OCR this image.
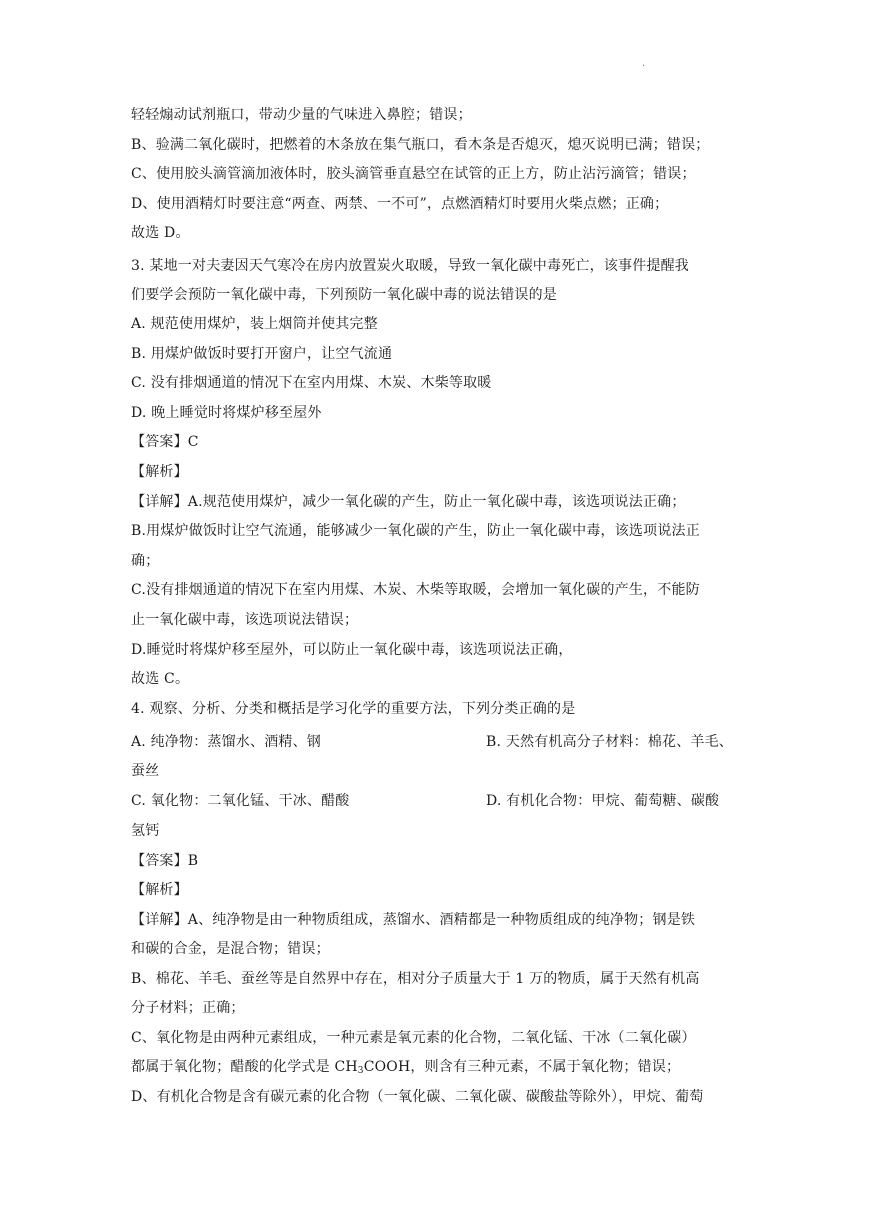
.
轻轻煽动试剂瓶口，带动少量的气味进入鼻腔；错误；
B、验满二氧化碳时，把燃着的木条放在集气瓶口，看木条是否熄灭，熄灭说明已满；错误；
C、使用胶头滴管滴加液体时，胶头滴管垂直悬空在试管的正上方，防止沾污滴管；错误；
D、使用酒精灯时要注意“两查、两禁、一不可”，点燃酒精灯时要用火柴点燃；正确；
故选 D。
3. 某地一对夫妻因天气寒冷在房内放置炭火取暖，导致一氧化碳中毒死亡，该事件提醒我
们要学会预防一氧化碳中毒，下列预防一氧化碳中毒的说法错误的是
A. 规范使用煤炉，装上烟筒并使其完整
B. 用煤炉做饭时要打开窗户，让空气流通
C. 没有排烟通道的情况下在室内用煤、木炭、木柴等取暖
D. 晚上睡觉时将煤炉移至屋外
【答案】C
【解析】
【详解】A.规范使用煤炉，减少一氧化碳的产生，防止一氧化碳中毒，该选项说法正确；
B.用煤炉做饭时让空气流通，能够减少一氧化碳的产生，防止一氧化碳中毒，该选项说法正
确；
C.没有排烟通道的情况下在室内用煤、木炭、木柴等取暖，会增加一氧化碳的产生，不能防
止一氧化碳中毒，该选项说法错误；
D.睡觉时将煤炉移至屋外，可以防止一氧化碳中毒，该选项说法正确，
故选 C。
4. 观察、分析、分类和概括是学习化学的重要方法，下列分类正确的是
A. 纯净物：蒸馏水、酒精、钢	B. 天然有机高分子材料：棉花、羊毛、
蚕丝
C. 氧化物：二氧化锰、干冰、醋酸	D. 有机化合物：甲烷、葡萄糖、碳酸
氢钙
【答案】B
【解析】
【详解】A、纯净物是由一种物质组成，蒸馏水、酒精都是一种物质组成的纯净物；钢是铁
和碳的合金，是混合物；错误；
B、棉花、羊毛、蚕丝等是自然界中存在，相对分子质量大于 1 万的物质，属于天然有机高
分子材料；正确；
C、氧化物是由两种元素组成，一种元素是氧元素的化合物，二氧化锰、干冰（二氧化碳）
都属于氧化物；醋酸的化学式是 $CH_3COOH$，则含有三种元素，不属于氧化物；错误；
D、有机化合物是含有碳元素的化合物（一氧化碳、二氧化碳、碳酸盐等除外），甲烷、葡萄
